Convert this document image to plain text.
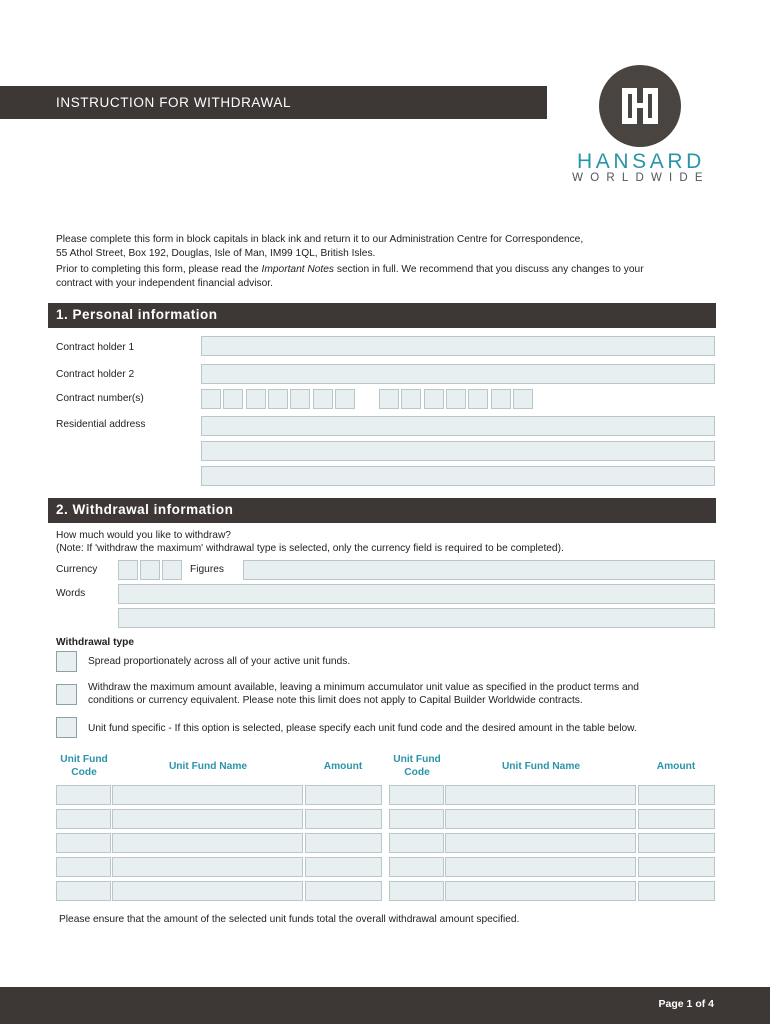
INSTRUCTION FOR WITHDRAWAL
HANSARD
WORLDWIDE
Please complete this form in block capitals in black ink and return it to our Administration Centre for Correspondence,
55 Athol Street, Box 192, Douglas, Isle of Man, IM99 1QL, British Isles.
Prior to completing this form, please read the Important Notes section in full. We recommend that you discuss any changes to your
contract with your independent financial advisor.
1. Personal information
Contract holder 1
Contract holder 2
Contract number(s)
Residential address
2. Withdrawal information
How much would you like to withdraw?
(Note: If 'withdraw the maximum' withdrawal type is selected, only the currency field is required to be completed).
Currency	Figures
Words
Withdrawal type
Spread proportionately across all of your active unit funds.
Withdraw the maximum amount available, leaving a minimum accumulator unit value as specified in the product terms and
conditions or currency equivalent. Please note this limit does not apply to Capital Builder Worldwide contracts.
Unit fund specific - If this option is selected, please specify each unit fund code and the desired amount in the table below.
Unit Fund
Code
Unit Fund Name	Amount
Unit Fund
Code
Unit Fund Name	Amount
Please ensure that the amount of the selected unit funds total the overall withdrawal amount specified.
Page 1 of 4
